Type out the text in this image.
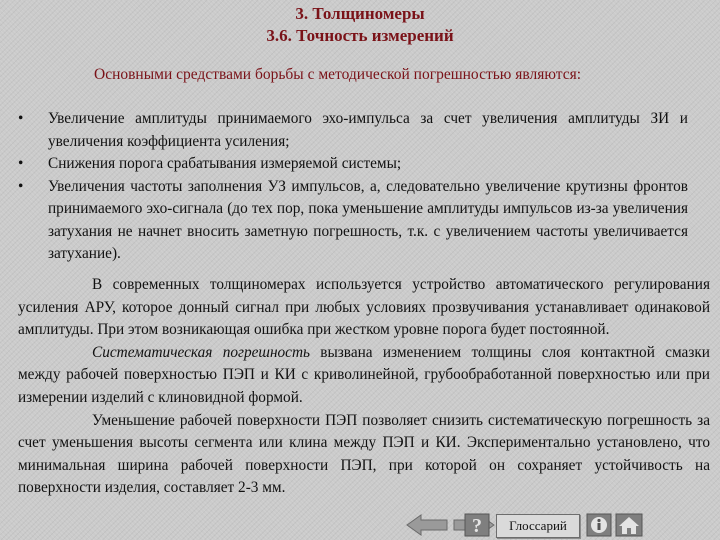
3. Толщиномеры
3.6. Точность измерений
Основными средствами борьбы с методической погрешностью являются:
• Увеличение амплитуды принимаемого эхо-импульса за счет увеличения амплитуды ЗИ и увеличения коэффициента усиления;
• Снижения порога срабатывания измеряемой системы;
• Увеличения частоты заполнения УЗ импульсов, а, следовательно увеличение крутизны фронтов принимаемого эхо-сигнала (до тех пор, пока уменьшение амплитуды импульсов из-за увеличения затухания не начнет вносить заметную погрешность, т.к. с увеличением частоты увеличивается затухание).

В современных толщиномерах используется устройство автоматического регулирования усиления АРУ, которое донный сигнал при любых условиях прозвучивания устанавливает одинаковой амплитуды. При этом возникающая ошибка при жестком уровне порога будет постоянной.

Систематическая погрешность вызвана изменением толщины слоя контактной смазки между рабочей поверхностью ПЭП и КИ с криволинейной, грубообработанной поверхностью или при измерении изделий с клиновидной формой.

Уменьшение рабочей поверхности ПЭП позволяет снизить систематическую погрешность за счет уменьшения высоты сегмента или клина между ПЭП и КИ. Экспериментально установлено, что минимальная ширина рабочей поверхности ПЭП, при которой он сохраняет устойчивость на поверхности изделия, составляет 2-3 мм.

?	Глоссарий
